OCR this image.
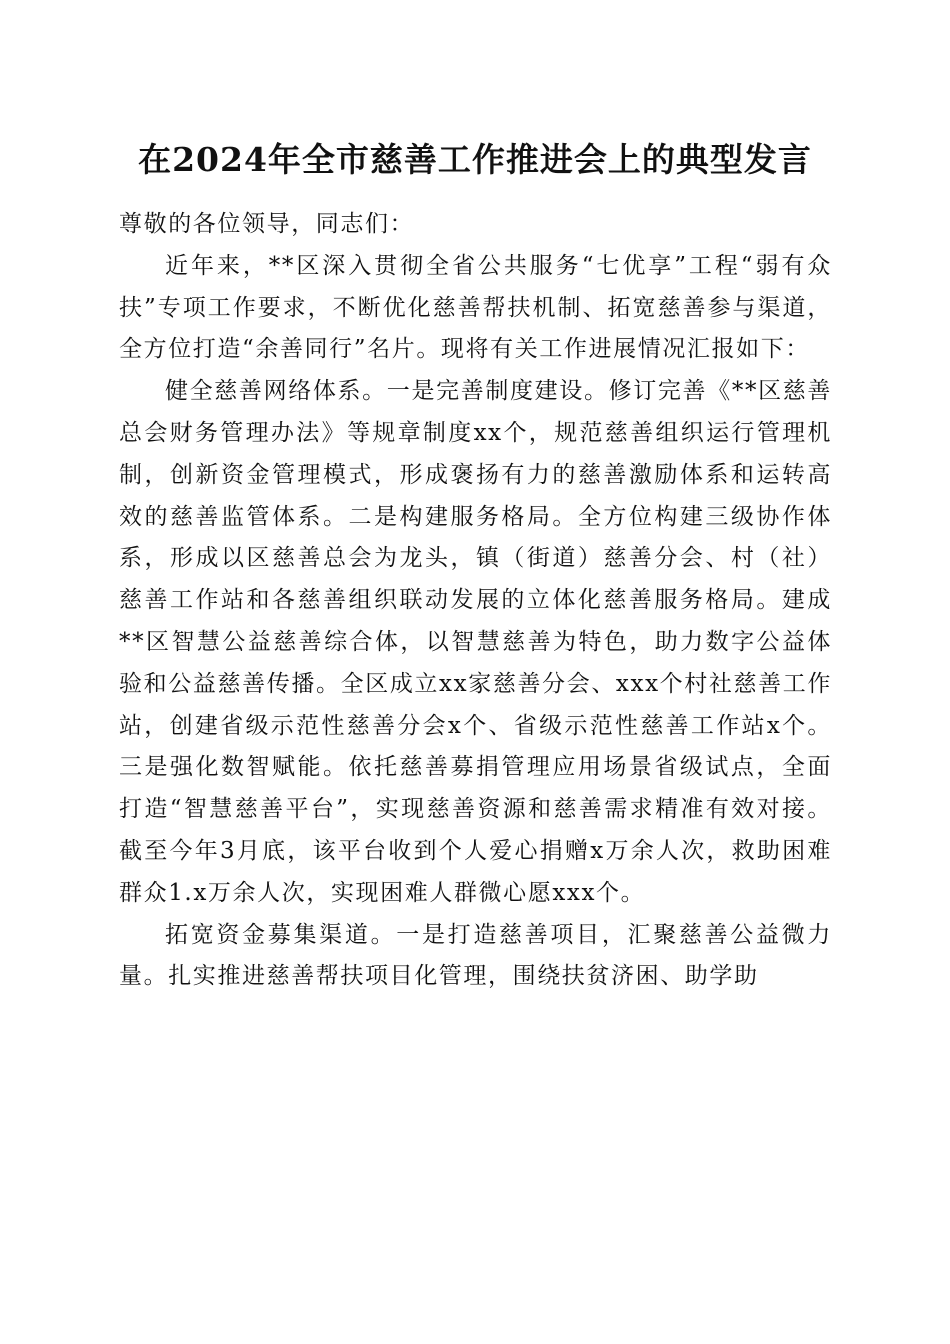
在2024年全市慈善工作推进会上的典型发言

尊敬的各位领导，同志们：

近年来，**区深入贯彻全省公共服务“七优享”工程“弱有众扶”专项工作要求，不断优化慈善帮扶机制、拓宽慈善参与渠道，全方位打造“余善同行”名片。现将有关工作进展情况汇报如下：

健全慈善网络体系。一是完善制度建设。修订完善《**区慈善总会财务管理办法》等规章制度xx个，规范慈善组织运行管理机制，创新资金管理模式，形成褒扬有力的慈善激励体系和运转高效的慈善监管体系。二是构建服务格局。全方位构建三级协作体系，形成以区慈善总会为龙头，镇（街道）慈善分会、村（社）慈善工作站和各慈善组织联动发展的立体化慈善服务格局。建成**区智慧公益慈善综合体，以智慧慈善为特色，助力数字公益体验和公益慈善传播。全区成立xx家慈善分会、xxx个村社慈善工作站，创建省级示范性慈善分会x个、省级示范性慈善工作站x个。三是强化数智赋能。依托慈善募捐管理应用场景省级试点，全面打造“智慧慈善平台”，实现慈善资源和慈善需求精准有效对接。截至今年3月底，该平台收到个人爱心捐赠x万余人次，救助困难群众1.x万余人次，实现困难人群微心愿xxx个。

拓宽资金募集渠道。一是打造慈善项目，汇聚慈善公益微力量。扎实推进慈善帮扶项目化管理，围绕扶贫济困、助学助
